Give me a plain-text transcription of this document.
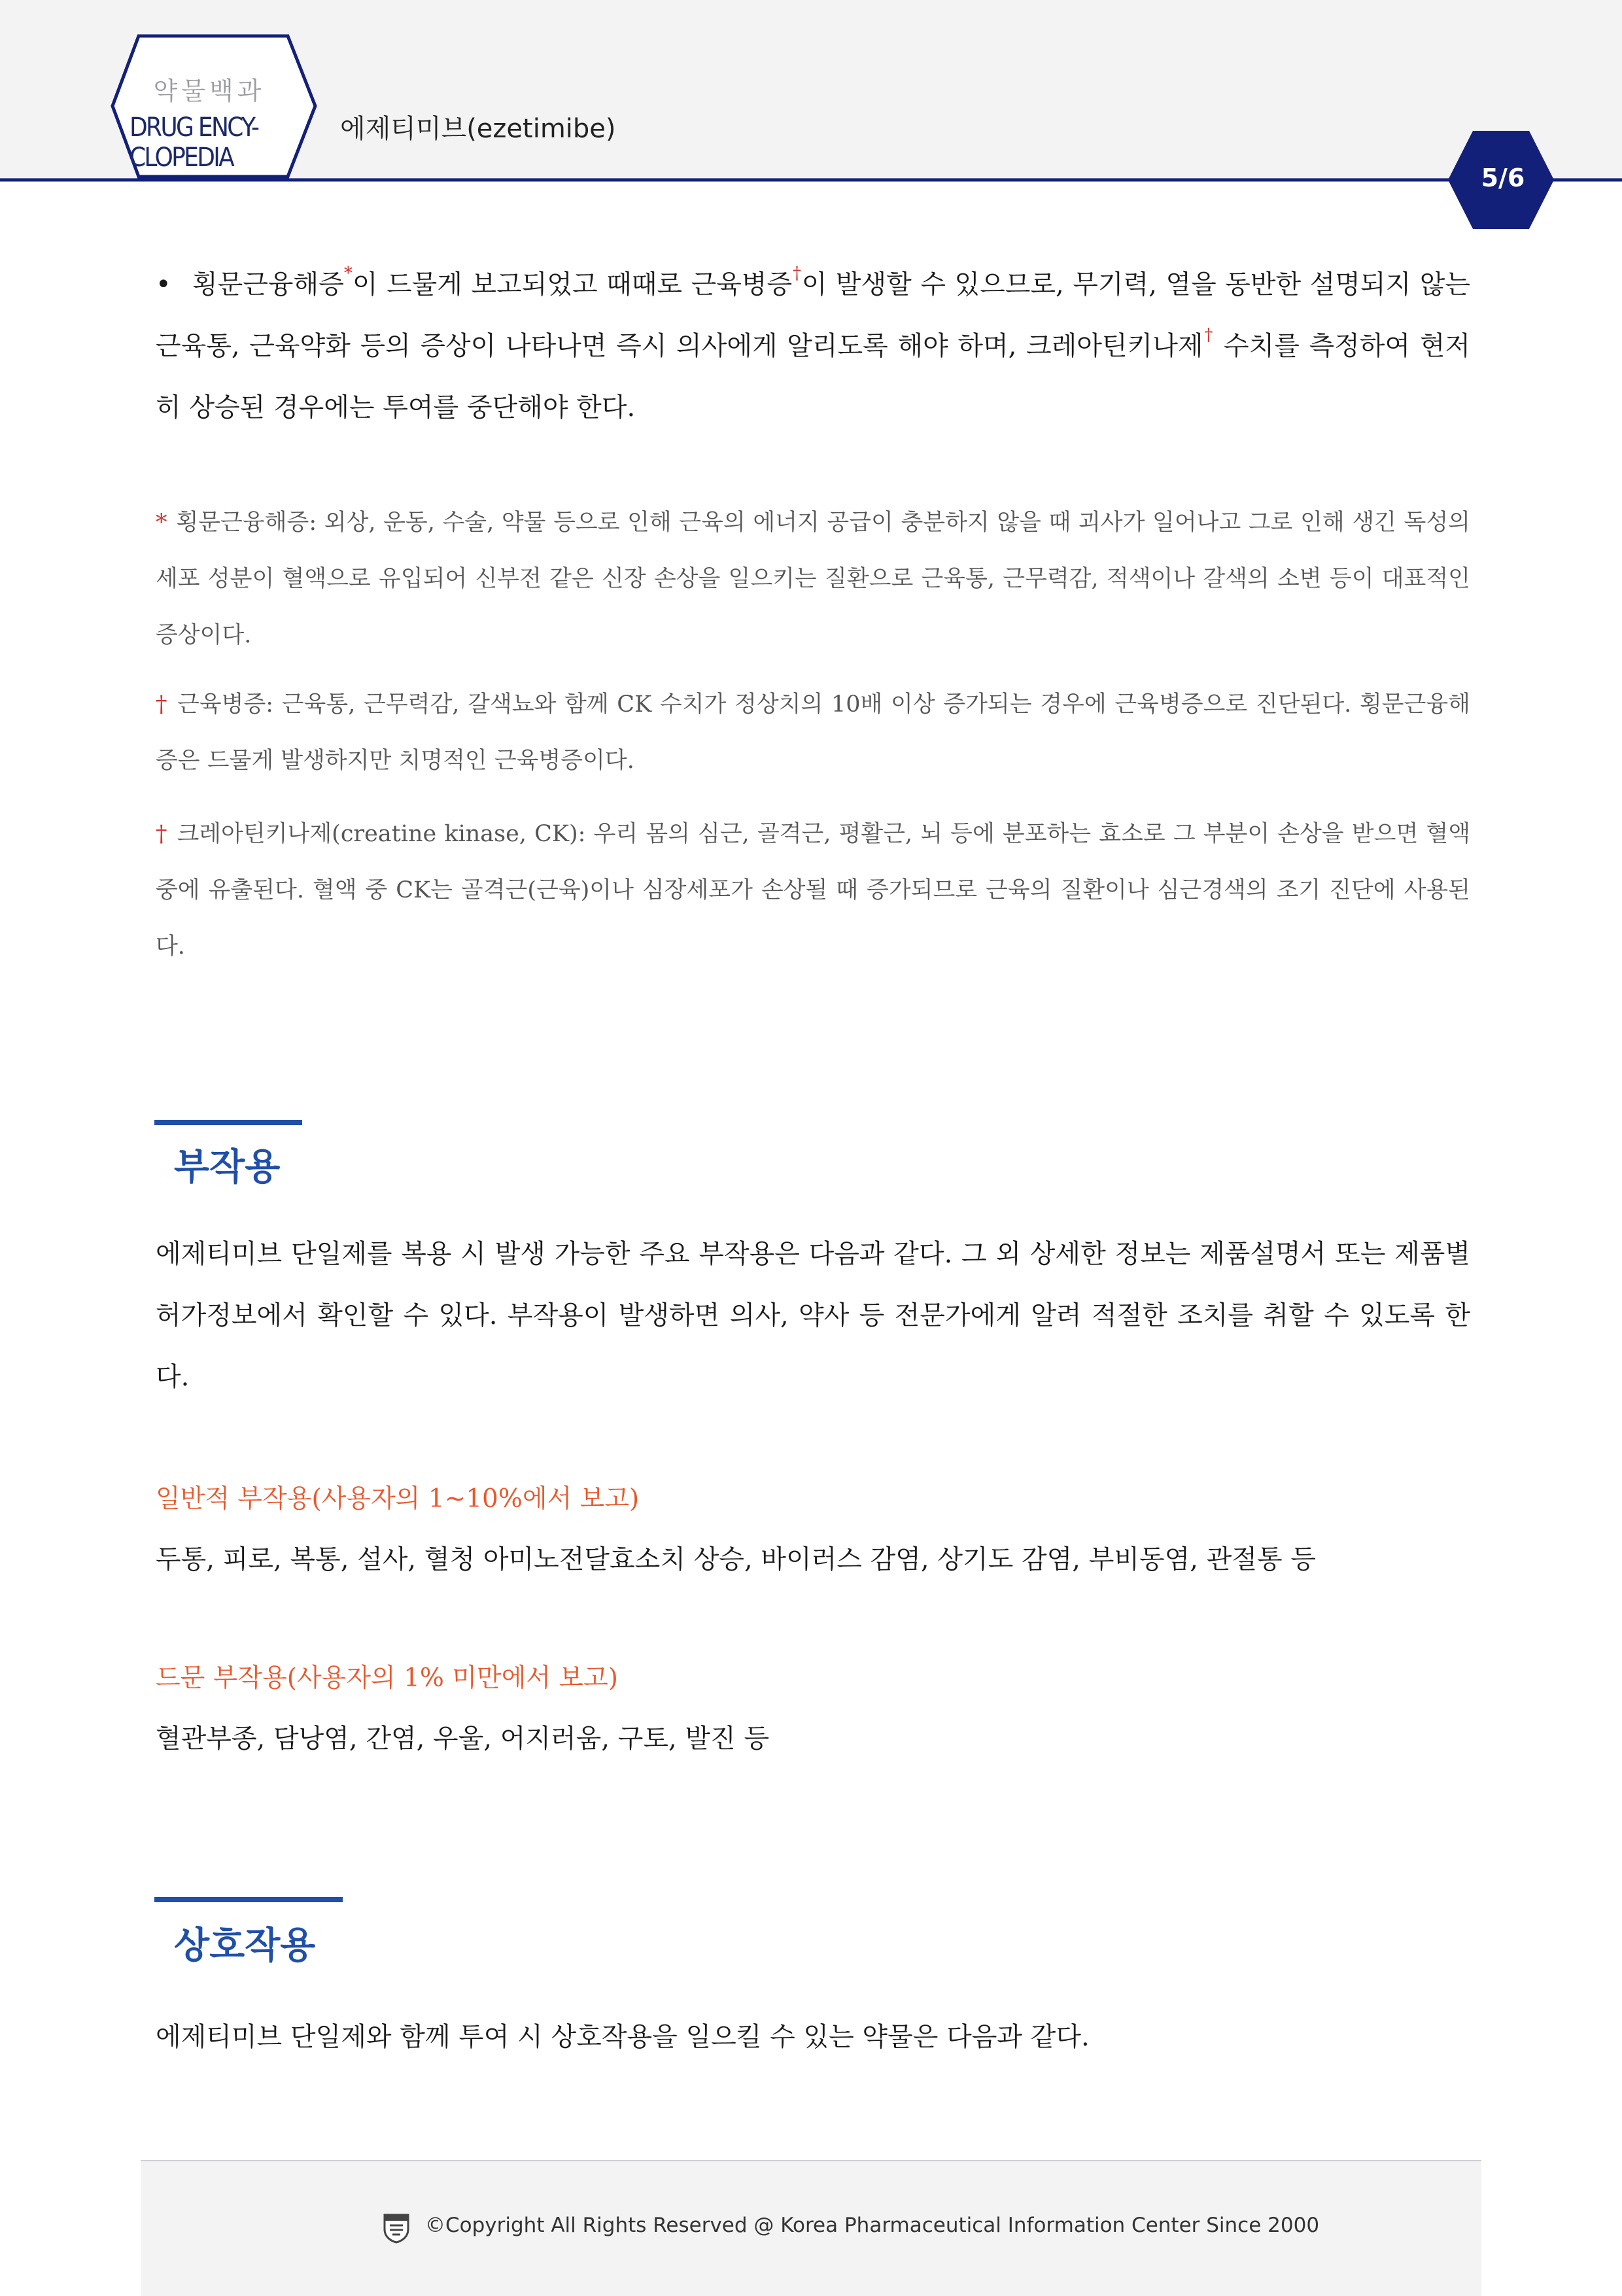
약물백과
DRUG ENCY-
CLOPEDIA
에제티미브(ezetimibe)
5/6
• 횡문근융해증*이 드물게 보고되었고 때때로 근육병증†이 발생할 수 있으므로, 무기력, 열을 동반한 설명되지 않는 근육통, 근육약화 등의 증상이 나타나면 즉시 의사에게 알리도록 해야 하며, 크레아틴키나제† 수치를 측정하여 현저히 상승된 경우에는 투여를 중단해야 한다.
* 횡문근융해증: 외상, 운동, 수술, 약물 등으로 인해 근육의 에너지 공급이 충분하지 않을 때 괴사가 일어나고 그로 인해 생긴 독성의 세포 성분이 혈액으로 유입되어 신부전 같은 신장 손상을 일으키는 질환으로 근육통, 근무력감, 적색이나 갈색의 소변 등이 대표적인 증상이다.
† 근육병증: 근육통, 근무력감, 갈색뇨와 함께 CK 수치가 정상치의 10배 이상 증가되는 경우에 근육병증으로 진단된다. 횡문근융해증은 드물게 발생하지만 치명적인 근육병증이다.
† 크레아틴키나제(creatine kinase, CK): 우리 몸의 심근, 골격근, 평활근, 뇌 등에 분포하는 효소로 그 부분이 손상을 받으면 혈액 중에 유출된다. 혈액 중 CK는 골격근(근육)이나 심장세포가 손상될 때 증가되므로 근육의 질환이나 심근경색의 조기 진단에 사용된다.
부작용
에제티미브 단일제를 복용 시 발생 가능한 주요 부작용은 다음과 같다. 그 외 상세한 정보는 제품설명서 또는 제품별 허가정보에서 확인할 수 있다. 부작용이 발생하면 의사, 약사 등 전문가에게 알려 적절한 조치를 취할 수 있도록 한다.
일반적 부작용(사용자의 1~10%에서 보고)
두통, 피로, 복통, 설사, 혈청 아미노전달효소치 상승, 바이러스 감염, 상기도 감염, 부비동염, 관절통 등
드문 부작용(사용자의 1% 미만에서 보고)
혈관부종, 담낭염, 간염, 우울, 어지러움, 구토, 발진 등
상호작용
에제티미브 단일제와 함께 투여 시 상호작용을 일으킬 수 있는 약물은 다음과 같다.
©Copyright All Rights Reserved @ Korea Pharmaceutical Information Center Since 2000
